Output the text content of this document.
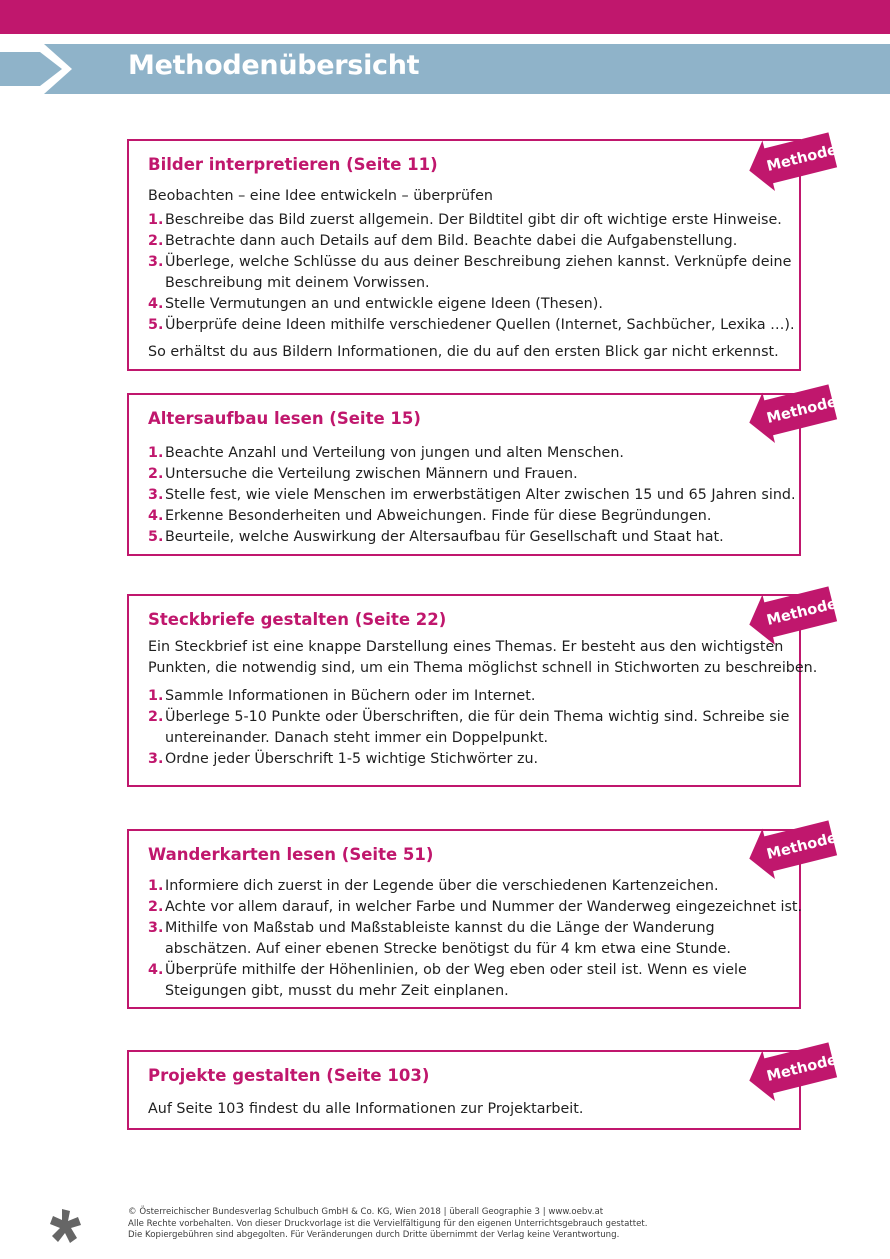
Methodenübersicht
Bilder interpretieren (Seite 11)

Beobachten – eine Idee entwickeln – überprüfen

1. Beschreibe das Bild zuerst allgemein. Der Bildtitel gibt dir oft wichtige erste Hinweise.
2. Betrachte dann auch Details auf dem Bild. Beachte dabei die Aufgabenstellung.
3. Überlege, welche Schlüsse du aus deiner Beschreibung ziehen kannst. Verknüpfe deine
Beschreibung mit deinem Vorwissen.
4. Stelle Vermutungen an und entwickle eigene Ideen (Thesen).
5. Überprüfe deine Ideen mithilfe verschiedener Quellen (Internet, Sachbücher, Lexika …).

So erhältst du aus Bildern Informationen, die du auf den ersten Blick gar nicht erkennst.

Altersaufbau lesen (Seite 15)
1. Beachte Anzahl und Verteilung von jungen und alten Menschen.
2. Untersuche die Verteilung zwischen Männern und Frauen.
3. Stelle fest, wie viele Menschen im erwerbstätigen Alter zwischen 15 und 65 Jahren sind.
4. Erkenne Besonderheiten und Abweichungen. Finde für diese Begründungen.
5. Beurteile, welche Auswirkung der Altersaufbau für Gesellschaft und Staat hat.
Steckbriefe gestalten (Seite 22)

Ein Steckbrief ist eine knappe Darstellung eines Themas. Er besteht aus den wichtigsten
Punkten, die notwendig sind, um ein Thema möglichst schnell in Stichworten zu beschreiben.

1. Sammle Informationen in Büchern oder im Internet.
2. Überlege 5-10 Punkte oder Überschriften, die für dein Thema wichtig sind. Schreibe sie
untereinander. Danach steht immer ein Doppelpunkt.
3. Ordne jeder Überschrift 1-5 wichtige Stichwörter zu.
Wanderkarten lesen (Seite 51)
1. Informiere dich zuerst in der Legende über die verschiedenen Kartenzeichen.
2. Achte vor allem darauf, in welcher Farbe und Nummer der Wanderweg eingezeichnet ist.
3. Mithilfe von Maßstab und Maßstableiste kannst du die Länge der Wanderung
abschätzen. Auf einer ebenen Strecke benötigst du für 4 km etwa eine Stunde.
4. Überprüfe mithilfe der Höhenlinien, ob der Weg eben oder steil ist. Wenn es viele
Steigungen gibt, musst du mehr Zeit einplanen.
Projekte gestalten (Seite 103)

Auf Seite 103 findest du alle Informationen zur Projektarbeit.

Methode
Methode
Methode
Methode
Methode

© Österreichischer Bundesverlag Schulbuch GmbH & Co. KG, Wien 2018 | überall Geographie 3 | www.oebv.at

Alle Rechte vorbehalten. Von dieser Druckvorlage ist die Vervielfältigung für den eigenen Unterrichtsgebrauch gestattet.

Die Kopiergebühren sind abgegolten. Für Veränderungen durch Dritte übernimmt der Verlag keine Verantwortung.
